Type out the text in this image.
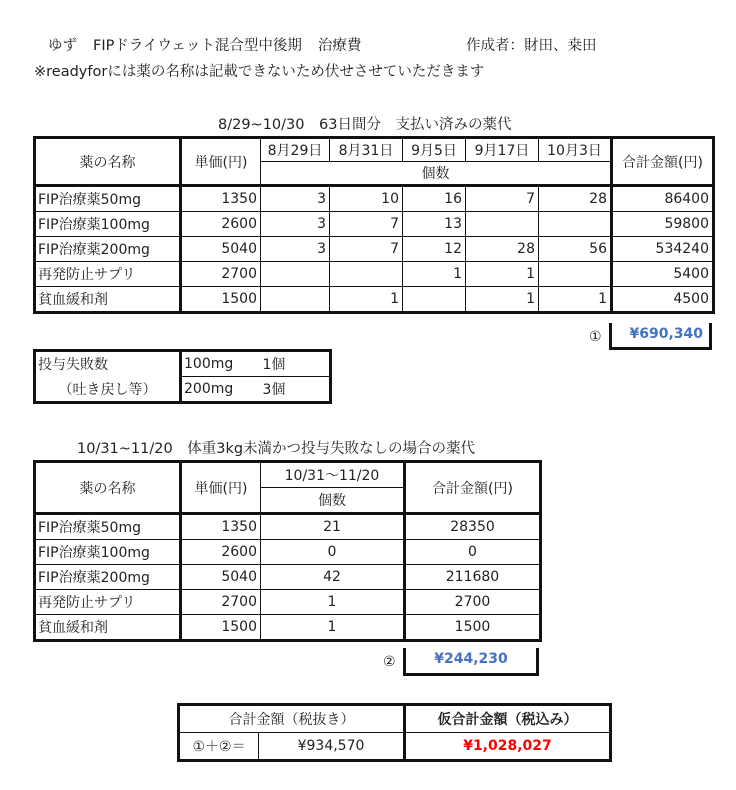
ゆず FIPドライウェット混合型中後期 治療費	作成者：財田、桒田
※readyforには薬の名称は記載できないため伏せさせていただきます
8/29~10/30　63日間分　支払い済みの薬代
薬の名称	単価(円)	8月29日	8月31日	9月5日	9月17日	10月3日	合計金額(円)
		個数					
FIP治療薬50mg	1350	3	10	16	7	28	86400
FIP治療薬100mg	2600	3	7	13			59800
FIP治療薬200mg	5040	3	7	12	28	56	534240
再発防止サプリ	2700			1	1		5400
貧血緩和剤	1500		1		1	1	4500
①	¥690,340
投与失敗数	100mg	1個
（吐き戻し等）	200mg	3個
10/31~11/20　体重3kg未満かつ投与失敗なしの場合の薬代
薬の名称	単価(円)	10/31～11/20	合計金額(円)
		個数	
FIP治療薬50mg	1350	21	28350
FIP治療薬100mg	2600	0	0
FIP治療薬200mg	5040	42	211680
再発防止サプリ	2700	1	2700
貧血緩和剤	1500	1	1500
②	¥244,230
合計金額（税抜き）		仮合計金額（税込み）
①＋②＝	¥934,570	¥1,028,027
